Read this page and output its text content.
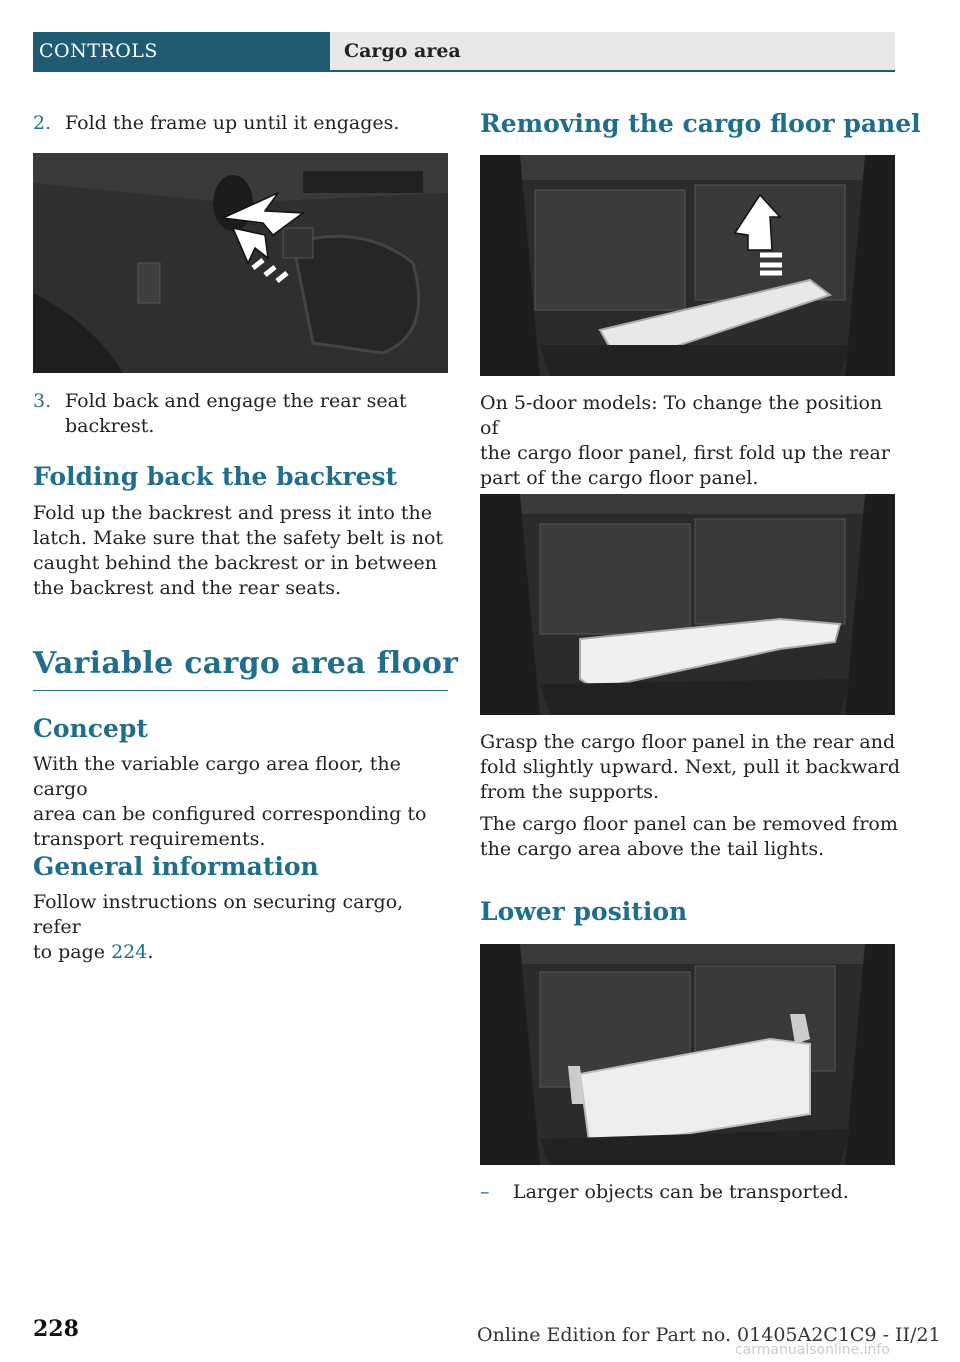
CONTROLS	Cargo area
2. Fold the frame up until it engages.
3. Fold back and engage the rear seat
backrest.
Folding back the backrest
Fold up the backrest and press it into the
latch. Make sure that the safety belt is not
caught behind the backrest or in between
the backrest and the rear seats.
Variable cargo area floor
Concept
With the variable cargo area floor, the cargo
area can be configured corresponding to
transport requirements.
General information
Follow instructions on securing cargo, refer
to page 224.
Removing the cargo floor panel
On 5-door models: To change the position of
the cargo floor panel, first fold up the rear
part of the cargo floor panel.
Grasp the cargo floor panel in the rear and
fold slightly upward. Next, pull it backward
from the supports.
The cargo floor panel can be removed from
the cargo area above the tail lights.
Lower position
– Larger objects can be transported.
228	Online Edition for Part no. 01405A2C1C9 - II/21
carmanualsonline.info
